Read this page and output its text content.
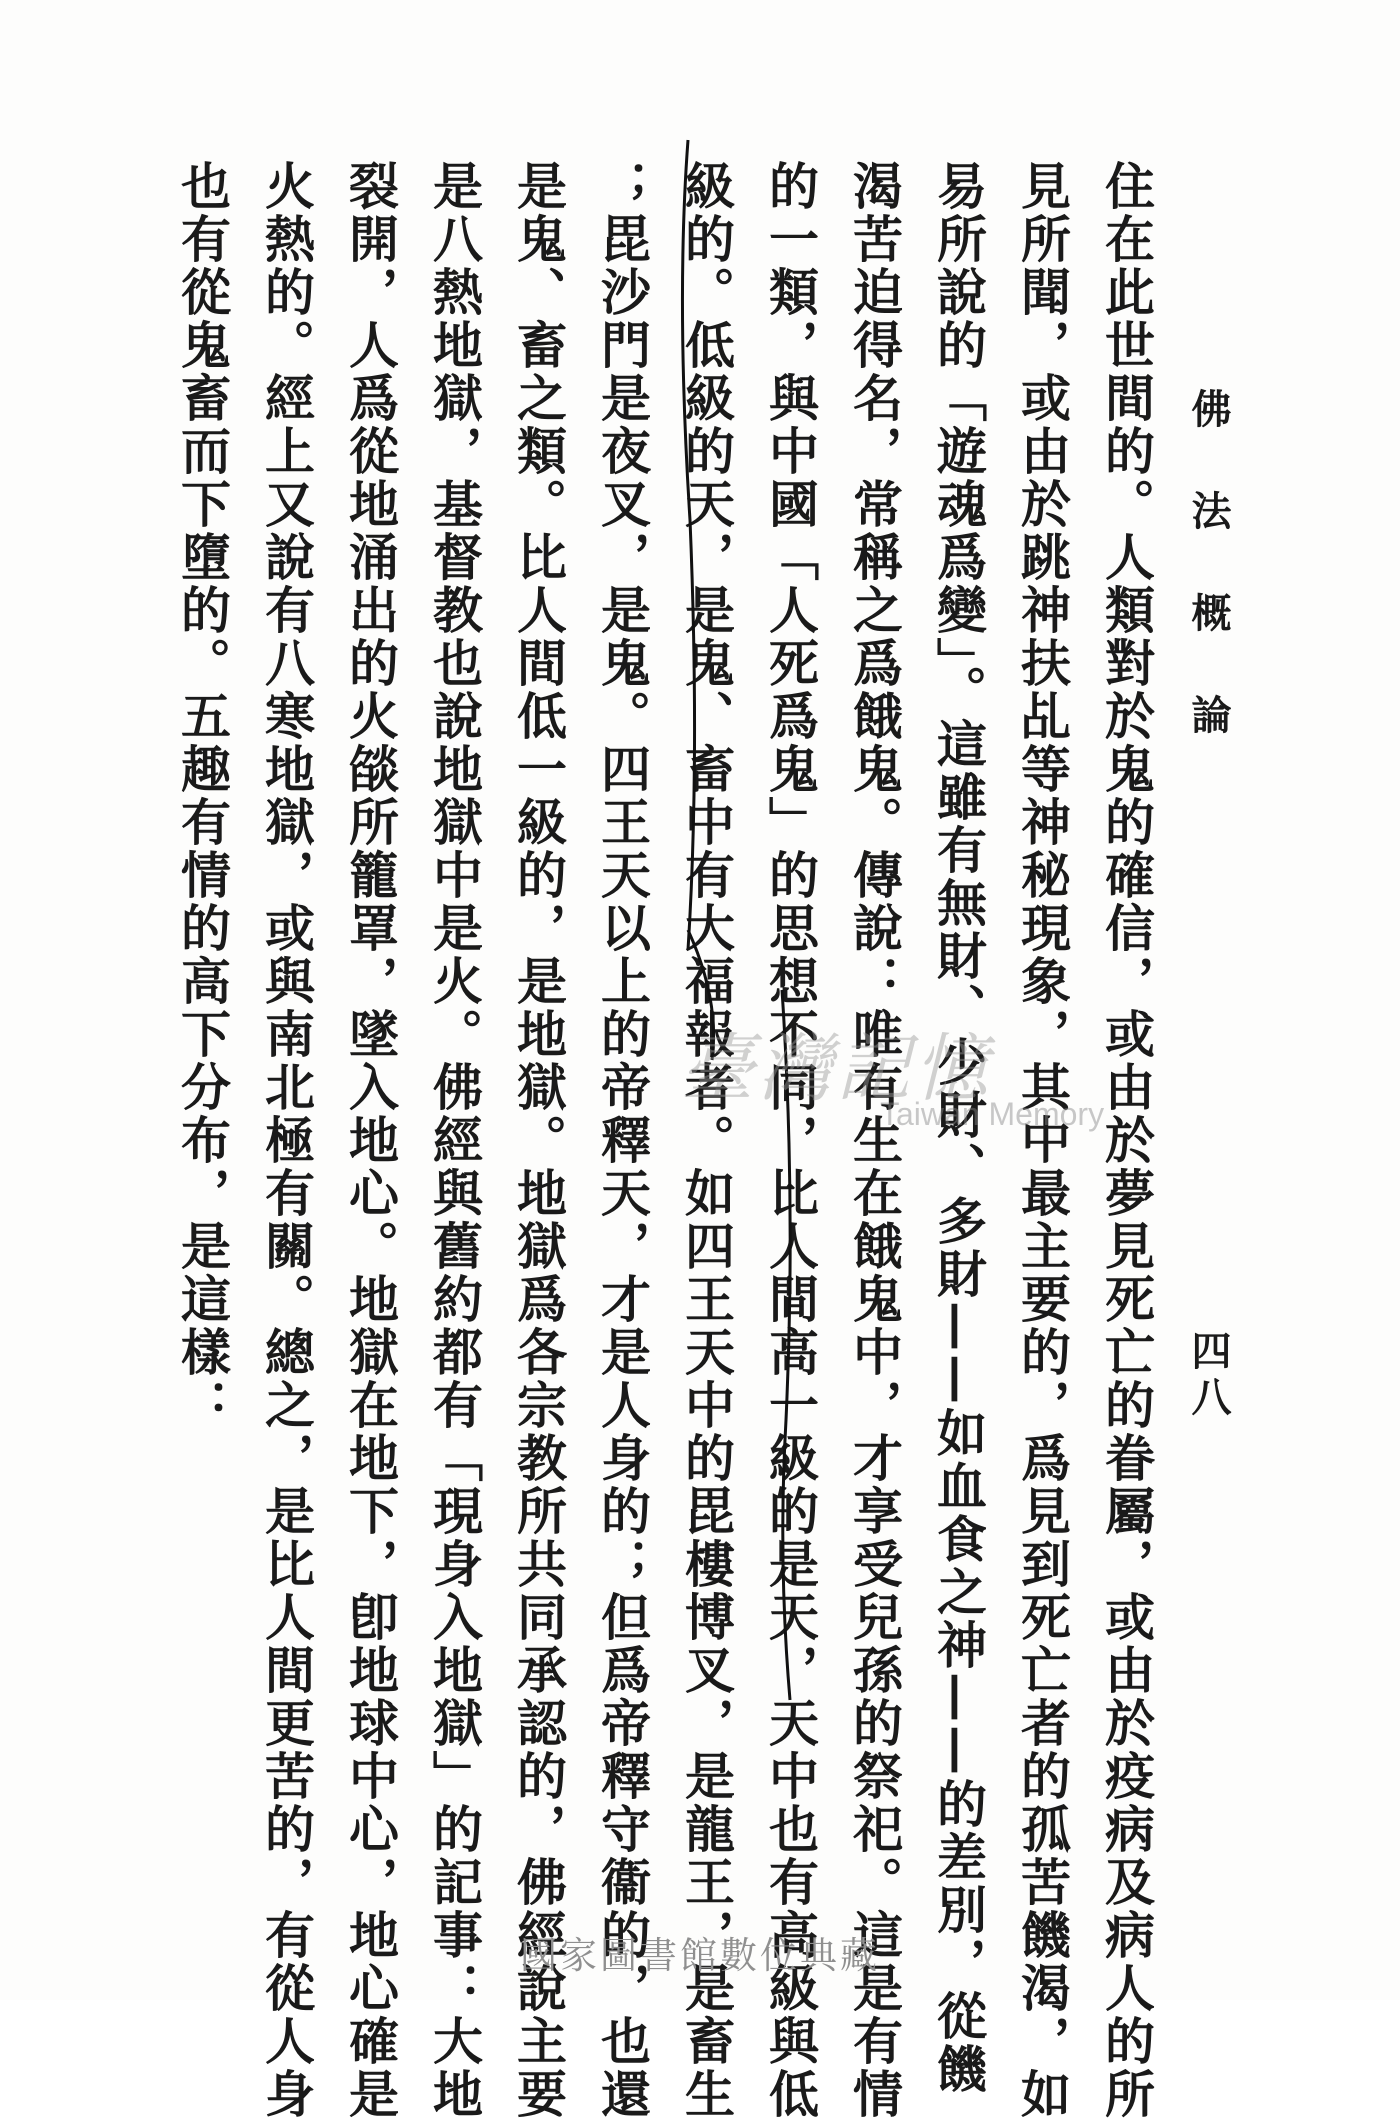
佛 法 概 論
四八
住在此世間的。人類對於鬼的確信，或由於夢見死亡的眷屬，或由於疫病及病人的所
見所聞，或由於跳神扶乩等神秘現象，其中最主要的，爲見到死亡者的孤苦饑渴，如
易所說的「遊魂爲變」。這雖有無財、少財、多財——如血食之神——的差別，從饑
渴苦迫得名，常稱之爲餓鬼。傳說：唯有生在餓鬼中，才享受兒孫的祭祀。這是有情
的一類，與中國「人死爲鬼」的思想不同，比人間高一級的是天，天中也有高級與低
級的。低級的天，是鬼、畜中有大福報者。如四王天中的毘樓博叉，是龍王，是畜生
；毘沙門是夜叉，是鬼。四王天以上的帝釋天，才是人身的；但爲帝釋守衞的，也還
是鬼、畜之類。比人間低一級的，是地獄。地獄爲各宗教所共同承認的，佛經說主要
是八熱地獄，基督教也說地獄中是火。佛經與舊約都有「現身入地獄」的記事：大地
裂開，人爲從地涌出的火燄所籠罩，墜入地心。地獄在地下，卽地球中心，地心確是
火熱的。經上又說有八寒地獄，或與南北極有關。總之，是比人間更苦的，有從人身
也有從鬼畜而下墮的。五趣有情的高下分布，是這樣：	臺灣記憶
Taiwan Memory
國家圖書館數位典藏
